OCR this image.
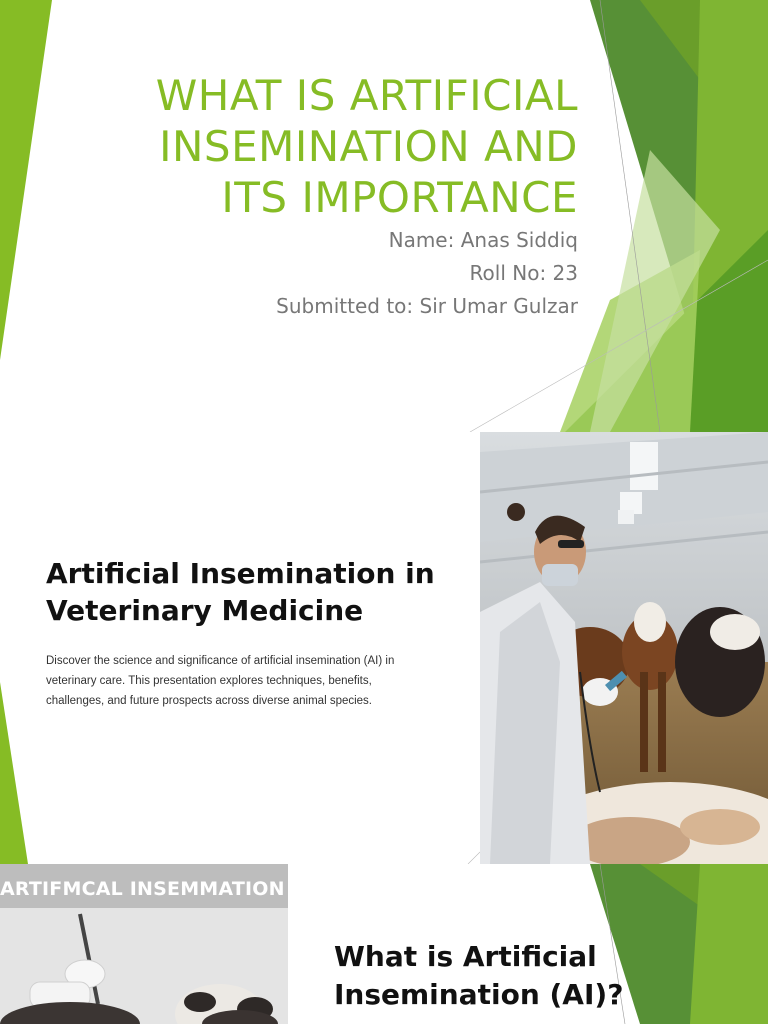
WHAT IS ARTIFICIAL INSEMINATION AND ITS IMPORTANCE

Name: Anas Siddiq

Roll No: 23

Submitted to: Sir Umar Gulzar

Artificial Insemination in Veterinary Medicine

Discover the science and significance of artificial insemination (AI) in veterinary care. This presentation explores techniques, benefits, challenges, and future prospects across diverse animal species.

ARTIFMCAL INSEMMATION
What is Artificial Insemination (AI)?
